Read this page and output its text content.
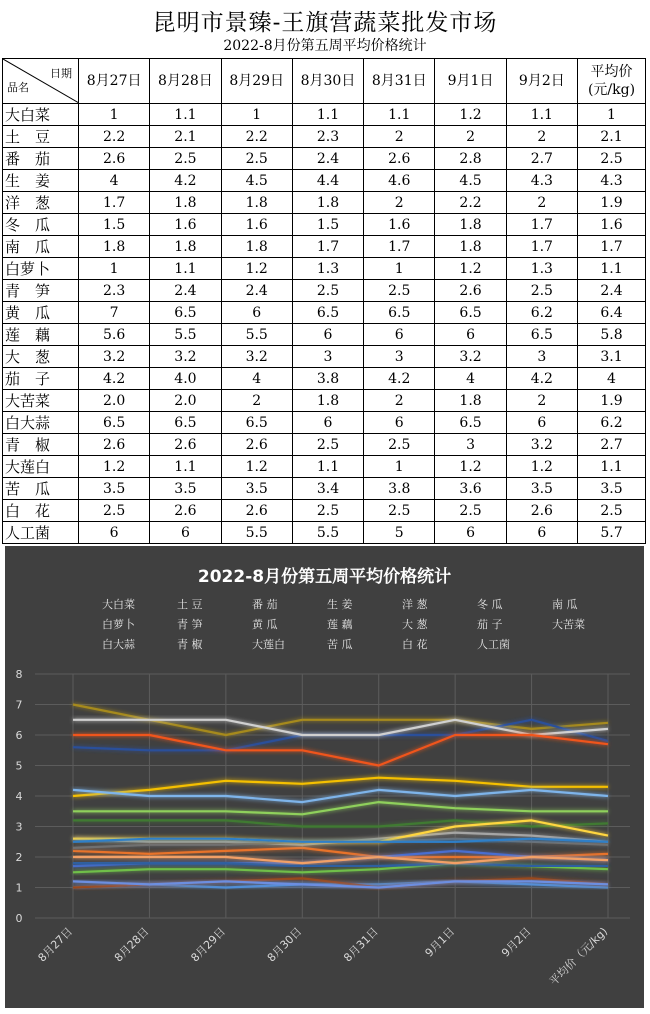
昆明市景臻-王旗营蔬菜批发市场
2022-8月份第五周平均价格统计
日期
品名	8月27日	8月28日	8月29日	8月30日	8月31日	9月1日	9月2日	平均价
(元/kg)
大白菜	1	1.1	1	1.1	1.1	1.2	1.1	1
土　豆	2.2	2.1	2.2	2.3	2	2	2	2.1
番　茄	2.6	2.5	2.5	2.4	2.6	2.8	2.7	2.5
生　姜	4	4.2	4.5	4.4	4.6	4.5	4.3	4.3
洋　葱	1.7	1.8	1.8	1.8	2	2.2	2	1.9
冬　瓜	1.5	1.6	1.6	1.5	1.6	1.8	1.7	1.6
南　瓜	1.8	1.8	1.8	1.7	1.7	1.8	1.7	1.7
白萝卜	1	1.1	1.2	1.3	1	1.2	1.3	1.1
青　笋	2.3	2.4	2.4	2.5	2.5	2.6	2.5	2.4
黄　瓜	7	6.5	6	6.5	6.5	6.5	6.2	6.4
莲　藕	5.6	5.5	5.5	6	6	6	6.5	5.8
大　葱	3.2	3.2	3.2	3	3	3.2	3	3.1
茄　子	4.2	4.0	4	3.8	4.2	4	4.2	4
大苦菜	2.0	2.0	2	1.8	2	1.8	2	1.9
白大蒜	6.5	6.5	6.5	6	6	6.5	6	6.2
青　椒	2.6	2.6	2.6	2.5	2.5	3	3.2	2.7
大莲白	1.2	1.1	1.2	1.1	1	1.2	1.2	1.1
苦　瓜	3.5	3.5	3.5	3.4	3.8	3.6	3.5	3.5
白　花	2.5	2.6	2.6	2.5	2.5	2.5	2.6	2.5
人工菌	6	6	5.5	5.5	5	6	6	5.7
2022-8月份第五周平均价格统计
大白菜	土 豆	番 茄	生 姜	洋 葱	冬 瓜	南 瓜
白萝卜	青 笋	黄 瓜	莲 藕	大 葱	茄 子	大苦菜
白大蒜	青 椒	大莲白	苦 瓜	白 花	人工菌
0
1
2
3
4
5
6
7
8
8月27日	8月28日	8月29日	8月30日	8月31日	9月1日	9月2日 平均价（元/kg)
